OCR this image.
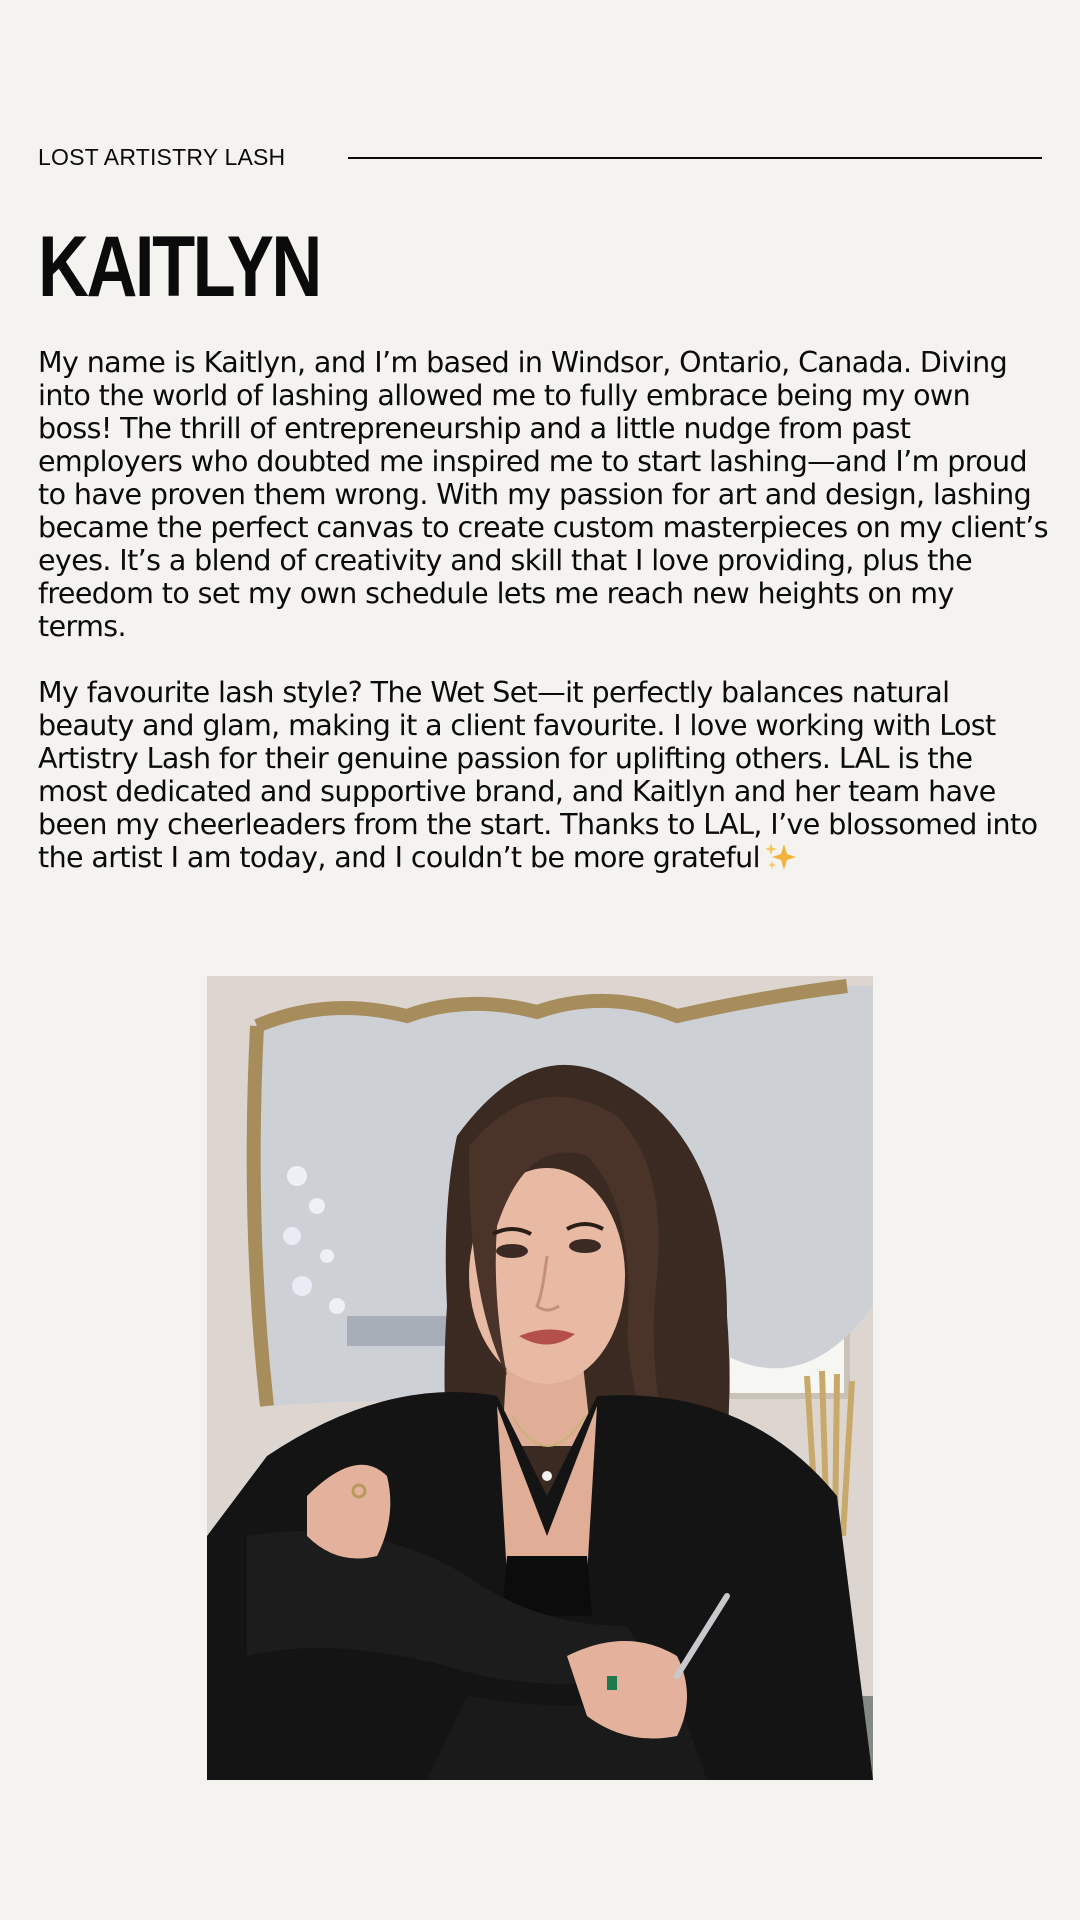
LOST ARTISTRY LASH
KAITLYN

My name is Kaitlyn, and I’m based in Windsor, Ontario, Canada. Diving into the world of lashing allowed me to fully embrace being my own boss! The thrill of entrepreneurship and a little nudge from past employers who doubted me inspired me to start lashing—and I’m proud to have proven them wrong. With my passion for art and design, lashing became the perfect canvas to create custom masterpieces on my client’s eyes. It’s a blend of creativity and skill that I love providing, plus the freedom to set my own schedule lets me reach new heights on my terms.

My favourite lash style? The Wet Set—it perfectly balances natural beauty and glam, making it a client favourite. I love working with Lost Artistry Lash for their genuine passion for uplifting others. LAL is the most dedicated and supportive brand, and Kaitlyn and her team have been my cheerleaders from the start. Thanks to LAL, I’ve blossomed into the artist I am today, and I couldn’t be more grateful
